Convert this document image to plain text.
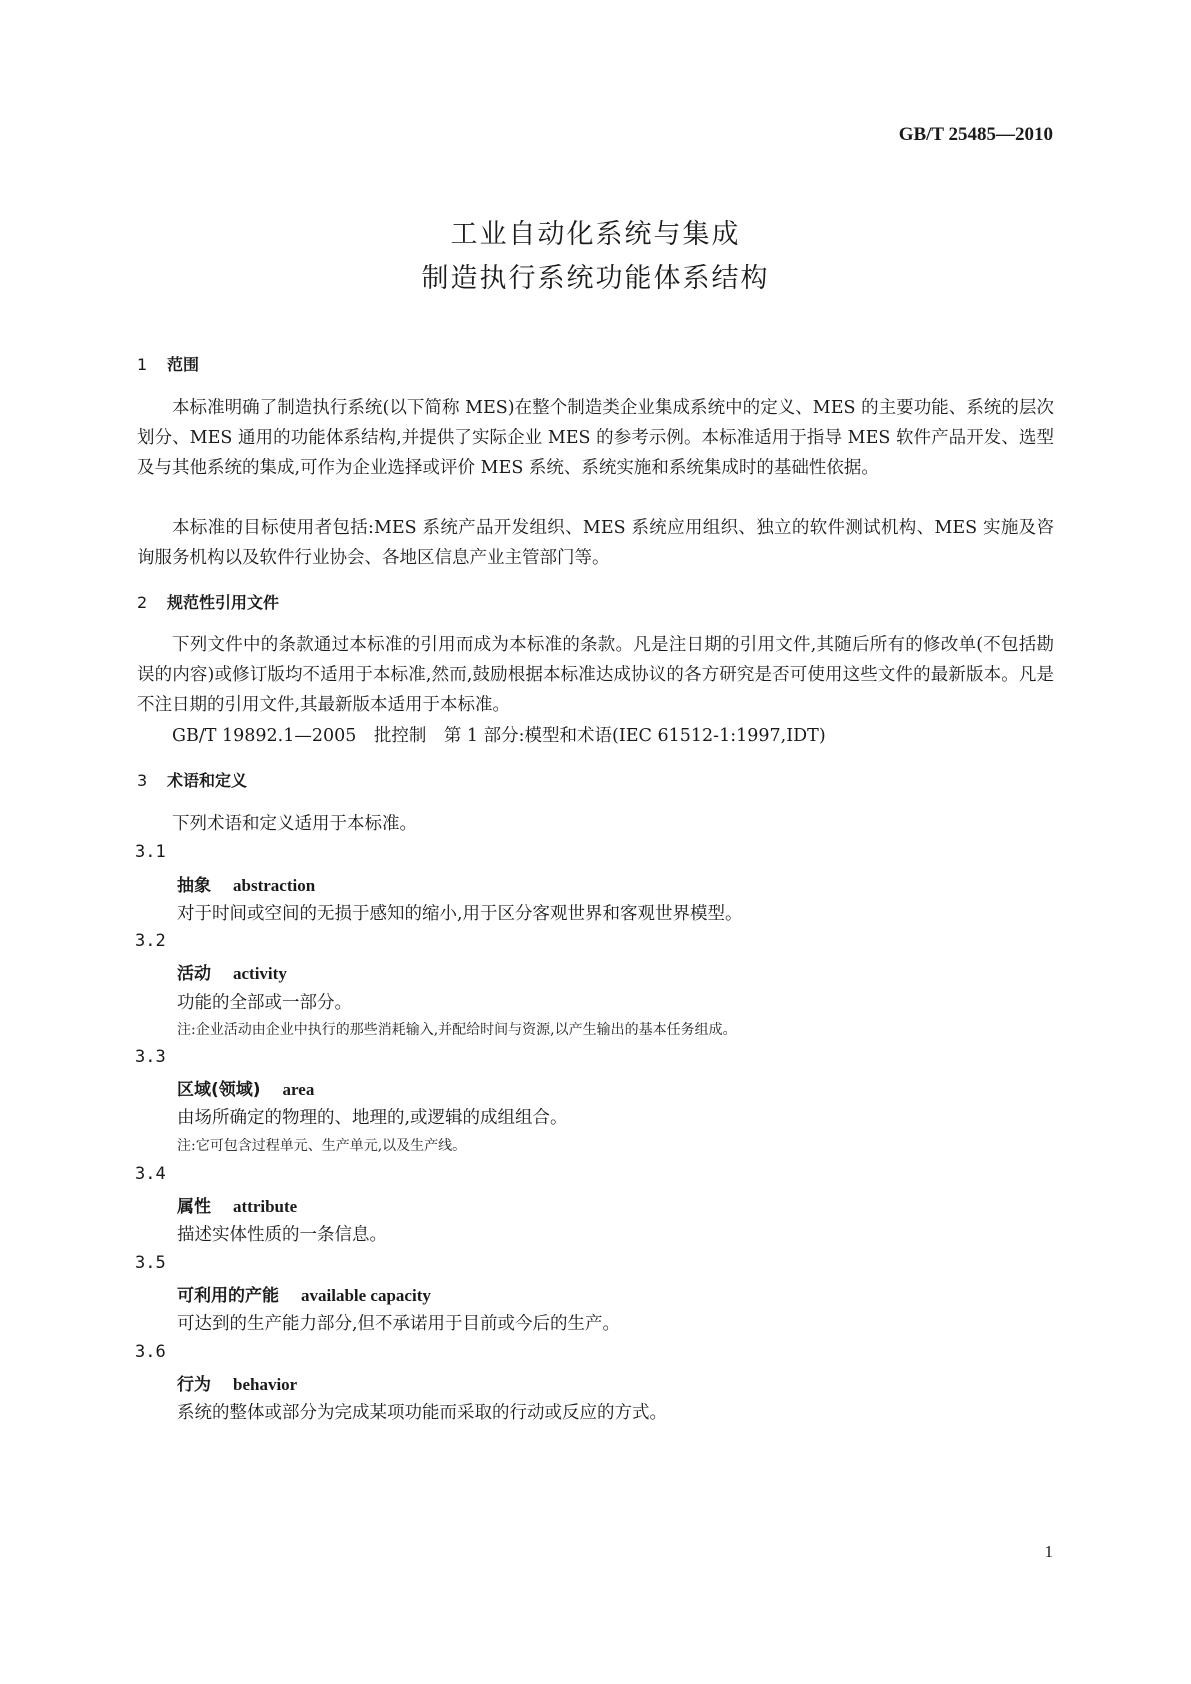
GB/T 25485—2010
工业自动化系统与集成
制造执行系统功能体系结构
1 范围
本标准明确了制造执行系统(以下简称 MES)在整个制造类企业集成系统中的定义、MES 的主要功能、系统的层次划分、MES 通用的功能体系结构,并提供了实际企业 MES 的参考示例。本标准适用于指导 MES 软件产品开发、选型及与其他系统的集成,可作为企业选择或评价 MES 系统、系统实施和系统集成时的基础性依据。
本标准的目标使用者包括:MES 系统产品开发组织、MES 系统应用组织、独立的软件测试机构、MES 实施及咨询服务机构以及软件行业协会、各地区信息产业主管部门等。
2 规范性引用文件
下列文件中的条款通过本标准的引用而成为本标准的条款。凡是注日期的引用文件,其随后所有的修改单(不包括勘误的内容)或修订版均不适用于本标准,然而,鼓励根据本标准达成协议的各方研究是否可使用这些文件的最新版本。凡是不注日期的引用文件,其最新版本适用于本标准。
GB/T 19892.1—2005　批控制　第 1 部分:模型和术语(IEC 61512-1:1997,IDT)
3 术语和定义
下列术语和定义适用于本标准。
3.1
抽象 abstraction
对于时间或空间的无损于感知的缩小,用于区分客观世界和客观世界模型。
3.2
活动 activity
功能的全部或一部分。
注:企业活动由企业中执行的那些消耗输入,并配给时间与资源,以产生输出的基本任务组成。
3.3
区域(领域) area
由场所确定的物理的、地理的,或逻辑的成组组合。
注:它可包含过程单元、生产单元,以及生产线。
3.4
属性 attribute
描述实体性质的一条信息。
3.5
可利用的产能 available capacity
可达到的生产能力部分,但不承诺用于目前或今后的生产。
3.6
行为 behavior
系统的整体或部分为完成某项功能而采取的行动或反应的方式。
1
